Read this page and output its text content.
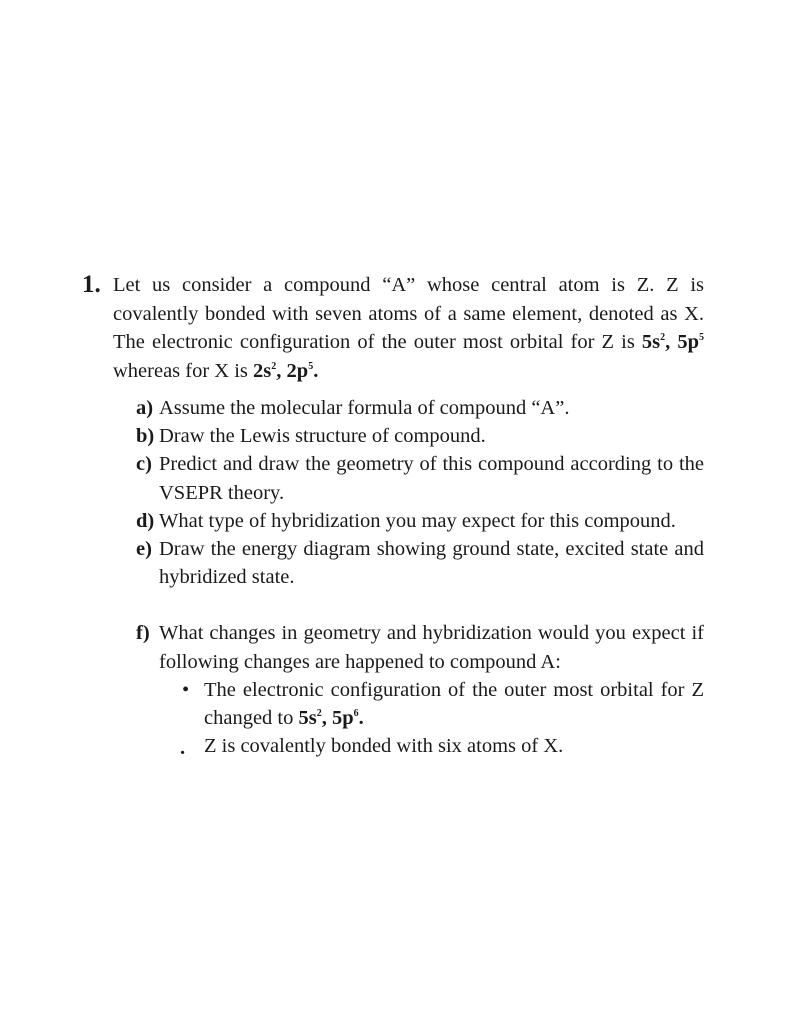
1. Let us consider a compound “A” whose central atom is Z. Z is covalently bonded with seven atoms of a same element, denoted as X. The electronic configuration of the outer most orbital for Z is $5s^2$, $5p^5$ whereas for X is $2s^2$, $2p^5$.
a) Assume the molecular formula of compound “A”.
b) Draw the Lewis structure of compound.
c) Predict and draw the geometry of this compound according to the VSEPR theory.
d) What type of hybridization you may expect for this compound.
e) Draw the energy diagram showing ground state, excited state and hybridized state.
f) What changes in geometry and hybridization would you expect if following changes are happened to compound A:
• The electronic configuration of the outer most orbital for Z changed to $5s^2$, $5p^6$.
. Z is covalently bonded with six atoms of X.
